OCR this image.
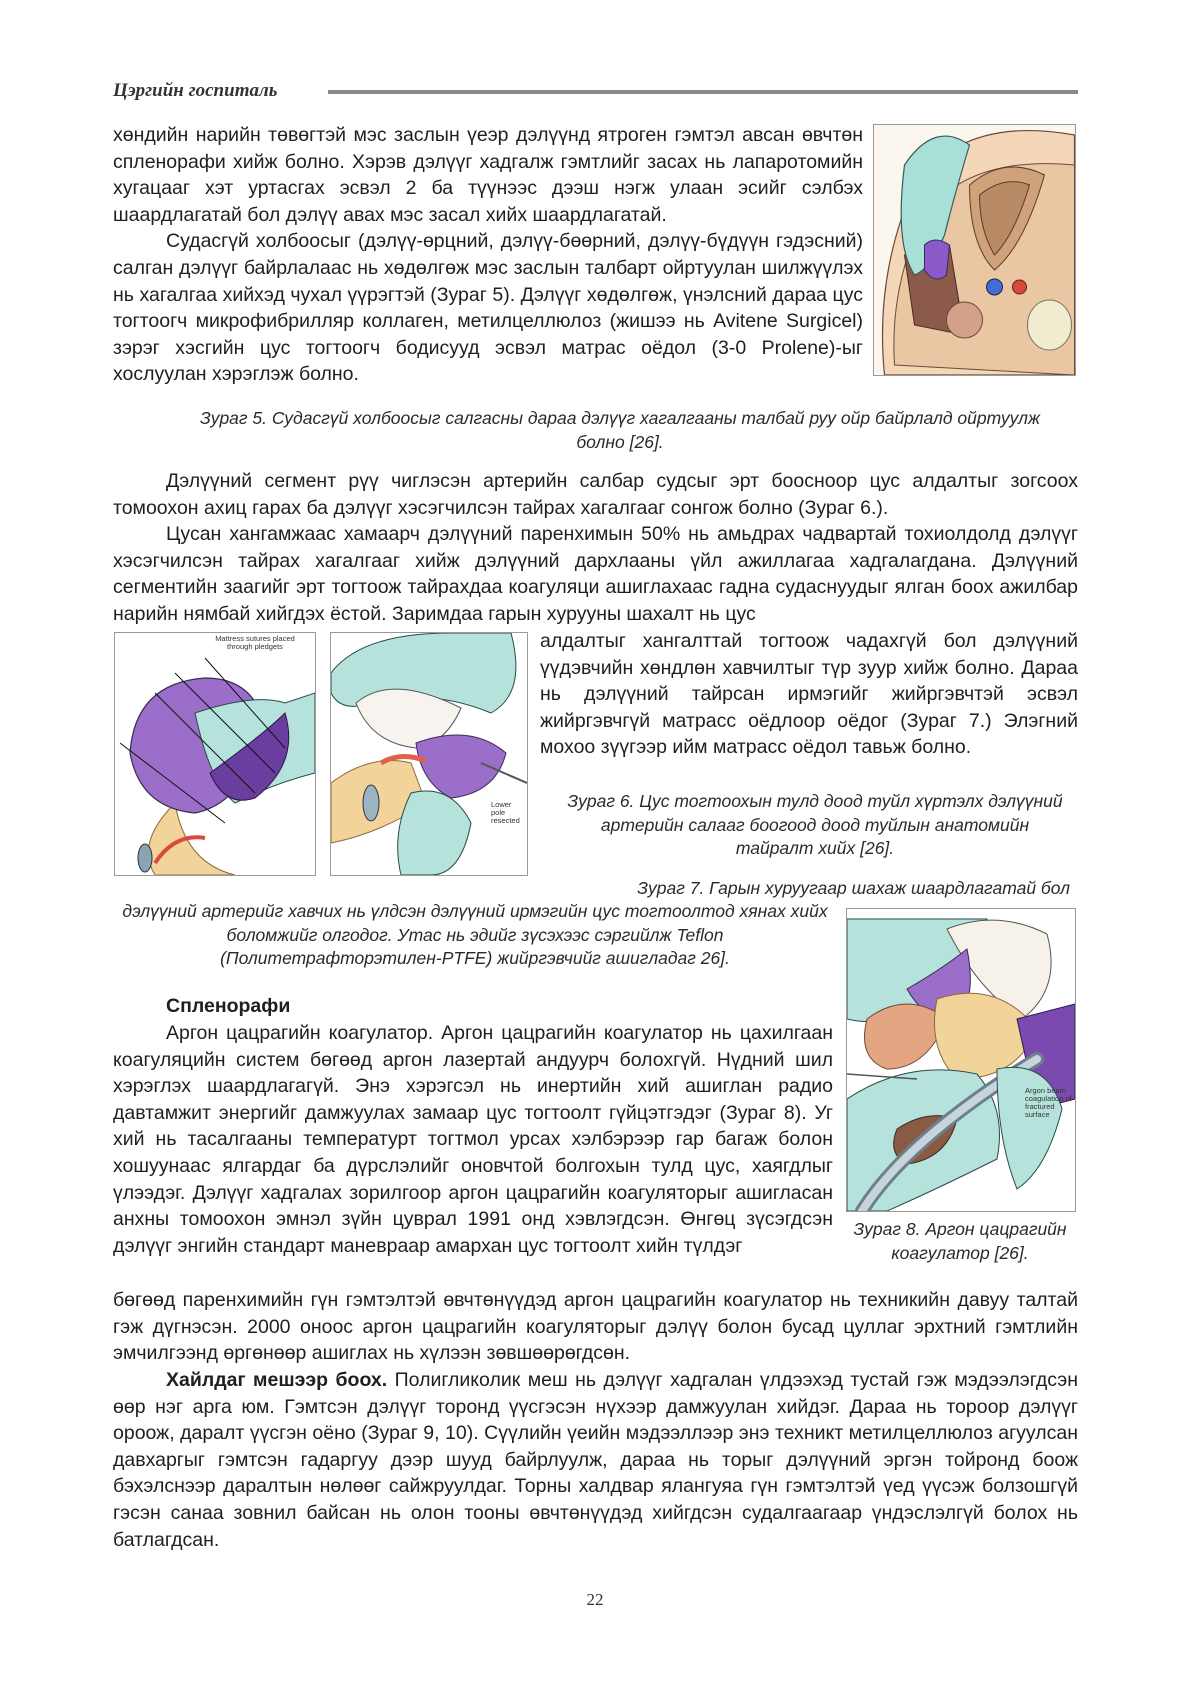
Цэргийн госпиталь

хөндийн нарийн төвөгтэй мэс заслын үеэр дэлүүнд ятроген гэмтэл авсан өвчтөн спленорафи хийж болно. Хэрэв дэлүүг хадгалж гэмтлийг засах нь лапаротомийн хугацааг хэт уртасгах эсвэл 2 ба түүнээс дээш нэгж улаан эсийг сэлбэх шаардлагатай бол дэлүү авах мэс засал хийх шаардлагатай.

Судасгүй холбоосыг (дэлүү-өрцний, дэлүү-бөөрний, дэлүү-бүдүүн гэдэсний) салган дэлүүг байрлалаас нь хөдөлгөж мэс заслын талбарт ойртуулан шилжүүлэх нь хагалгаа хийхэд чухал үүрэгтэй (Зураг 5). Дэлүүг хөдөлгөж, үнэлсний дараа цус тогтоогч микрофибрилляр коллаген, метилцеллюлоз (жишээ нь Avitene Surgicel) зэрэг хэсгийн цус тогтоогч бодисууд эсвэл матрас оёдол (3-0 Prolene)-ыг хослуулан хэрэглэж болно.

Зураг 5. Судасгүй холбоосыг салгасны дараа дэлүүг хагалгааны талбай руу ойр байрлалд ойртуулж болно [26].

Дэлүүний сегмент рүү чиглэсэн артерийн салбар судсыг эрт боосноор цус алдалтыг зогсоох томоохон ахиц гарах ба дэлүүг хэсэгчилсэн тайрах хагалгааг сонгож болно (Зураг 6.).

Цусан хангамжаас хамаарч дэлүүний паренхимын 50% нь амьдрах чадвартай тохиолдолд дэлүүг хэсэгчилсэн тайрах хагалгааг хийж дэлүүний дархлааны үйл ажиллагаа хадгалагдана. Дэлүүний сегментийн заагийг эрт тогтоож тайрахдаа коагуляци ашиглахаас гадна судаснуудыг ялган боох ажилбар нарийн нямбай хийгдэх ёстой. Заримдаа гарын хурууны шахалт нь цус

Mattress sutures placed through pledgets
Lower pole resected
алдалтыг хангалттай тогтоож чадахгүй бол дэлүүний үүдэвчийн хөндлөн хавчилтыг түр зуур хийж болно. Дараа нь дэлүүний тайрсан ирмэгийг жийргэвчтэй эсвэл жийргэвчгүй матрасс оёдлоор оёдог (Зураг 7.) Элэгний мохоо зүүгээр ийм матрасс оёдол тавьж болно.
Зураг 6. Цус тогтоохын тулд доод туйл хүртэлх дэлүүний артерийн салааг боогоод доод туйлын анатомийн тайралт хийх [26].
Зураг 7. Гарын хуруугаар шахаж шаардлагатай бол
дэлүүний артерийг хавчих нь үлдсэн дэлүүний ирмэгийн цус тогтоолтод хянах хийх боломжийг олгодог. Утас нь эдийг зүсэхээс сэргийлж Teflon (Политетрафторэтилен-PTFE) жийргэвчийг ашигладаг 26].
Argon beam coagulation of fractured surface
Зураг 8. Аргон цацрагийн коагулатор [26].
Спленорафи
Аргон цацрагийн коагулатор. Аргон цацрагийн коагулатор нь цахилгаан коагуляцийн систем бөгөөд аргон лазертай андуурч болохгүй. Нүдний шил хэрэглэх шаардлагагүй. Энэ хэрэгсэл нь инертийн хий ашиглан радио давтамжит энергийг дамжуулах замаар цус тогтоолт гүйцэтгэдэг (Зураг 8). Уг хий нь тасалгааны температурт тогтмол урсах хэлбэрээр гар багаж болон хошуунаас ялгардаг ба дүрслэлийг оновчтой болгохын тулд цус, хаягдлыг үлээдэг. Дэлүүг хадгалах зорилгоор аргон цацрагийн коагуляторыг ашигласан анхны томоохон эмнэл зүйн цуврал 1991 онд хэвлэгдсэн. Өнгөц зүсэгдсэн дэлүүг энгийн стандарт маневраар амархан цус тогтоолт хийн түлдэг
бөгөөд паренхимийн гүн гэмтэлтэй өвчтөнүүдэд аргон цацрагийн коагулатор нь техникийн давуу талтай гэж дүгнэсэн. 2000 оноос аргон цацрагийн коагуляторыг дэлүү болон бусад цуллаг эрхтний гэмтлийн эмчилгээнд өргөнөөр ашиглах нь хүлээн зөвшөөрөгдсөн.
Хайлдаг мешээр боох. Полигликолик меш нь дэлүүг хадгалан үлдээхэд тустай гэж мэдээлэгдсэн өөр нэг арга юм. Гэмтсэн дэлүүг торонд үүсгэсэн нүхээр дамжуулан хийдэг. Дараа нь тороор дэлүүг ороож, даралт үүсгэн оёно (Зураг 9, 10). Сүүлийн үеийн мэдээллээр энэ техникт метилцеллюлоз агуулсан давхаргыг гэмтсэн гадаргуу дээр шууд байрлуулж, дараа нь торыг дэлүүний эргэн тойронд боож бэхэлснээр даралтын нөлөөг сайжруулдаг. Торны халдвар ялангуяа гүн гэмтэлтэй үед үүсэж болзошгүй гэсэн санаа зовнил байсан нь олон тооны өвчтөнүүдэд хийгдсэн судалгаагаар үндэслэлгүй болох нь батлагдсан.
22
